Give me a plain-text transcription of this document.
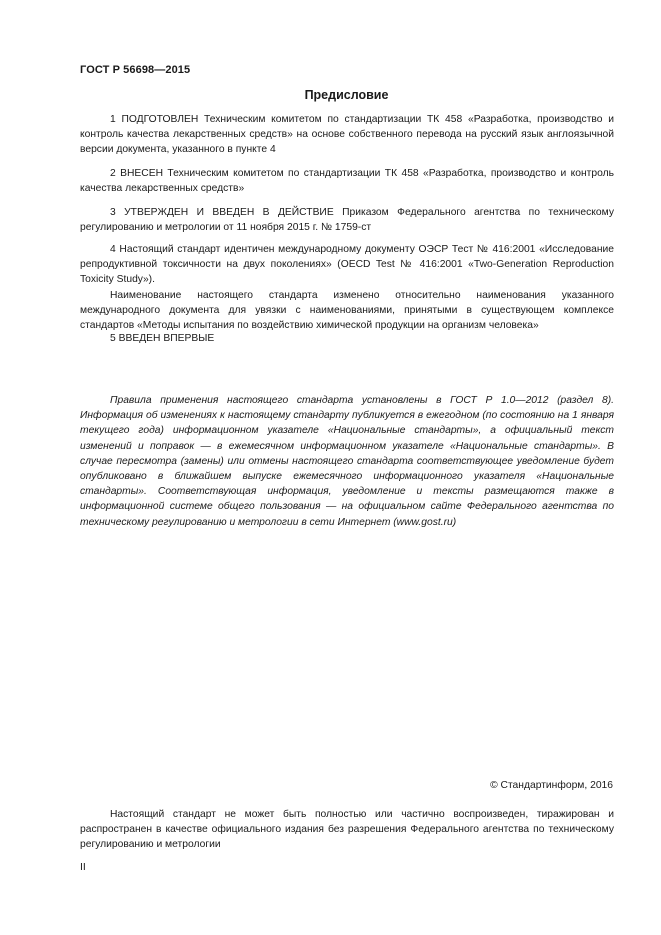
ГОСТ Р 56698—2015
Предисловие

1 ПОДГОТОВЛЕН Техническим комитетом по стандартизации ТК 458 «Разработка, производство и контроль качества лекарственных средств» на основе собственного перевода на русский язык англоязычной версии документа, указанного в пункте 4

2 ВНЕСЕН Техническим комитетом по стандартизации ТК 458 «Разработка, производство и контроль качества лекарственных средств»

3 УТВЕРЖДЕН И ВВЕДЕН В ДЕЙСТВИЕ Приказом Федерального агентства по техническому регулированию и метрологии от 11 ноября 2015 г. № 1759-ст

4 Настоящий стандарт идентичен международному документу ОЭСР Тест № 416:2001 «Исследование репродуктивной токсичности на двух поколениях» (OECD Test № 416:2001 «Two-Generation Reproduction Toxicity Study»).

Наименование настоящего стандарта изменено относительно наименования указанного международного документа для увязки с наименованиями, принятыми в существующем комплексе стандартов «Методы испытания по воздействию химической продукции на организм человека»

5 ВВЕДЕН ВПЕРВЫЕ

Правила применения настоящего стандарта установлены в ГОСТ Р 1.0—2012 (раздел 8). Информация об изменениях к настоящему стандарту публикуется в ежегодном (по состоянию на 1 января текущего года) информационном указателе «Национальные стандарты», а официальный текст изменений и поправок — в ежемесячном информационном указателе «Национальные стандарты». В случае пересмотра (замены) или отмены настоящего стандарта соответствующее уведомление будет опубликовано в ближайшем выпуске ежемесячного информационного указателя «Национальные стандарты». Соответствующая информация, уведомление и тексты размещаются также в информационной системе общего пользования — на официальном сайте Федерального агентства по техническому регулированию и метрологии в сети Интернет (www.gost.ru)

© Стандартинформ, 2016

Настоящий стандарт не может быть полностью или частично воспроизведен, тиражирован и распространен в качестве официального издания без разрешения Федерального агентства по техническому регулированию и метрологии

II
